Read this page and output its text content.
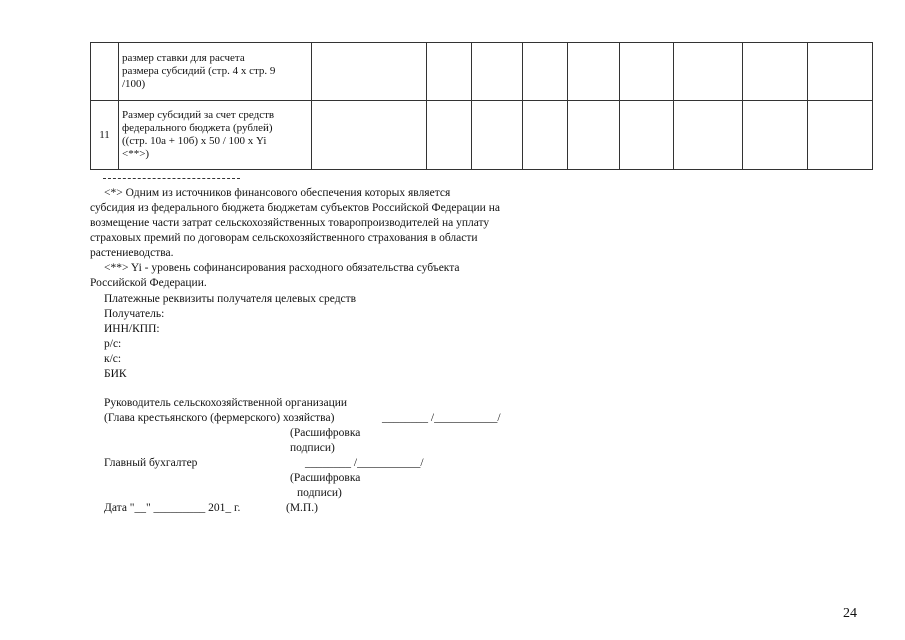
	размер ставки для расчета
размера субсидий (стр. 4 х стр. 9
/100)									

11	Размер субсидий за счет средств
федерального бюджета (рублей)
((стр. 10а + 10б) х 50 / 100 х Yi
<**>)									

<*> Одним из источников финансового обеспечения которых является
субсидия из федерального бюджета бюджетам субъектов Российской Федерации на
возмещение части затрат сельскохозяйственных товаропроизводителей на уплату
страховых премий по договорам сельскохозяйственного страхования в области
растениеводства.
<**> Yi - уровень софинансирования расходного обязательства субъекта
Российской Федерации.
Платежные реквизиты получателя целевых средств
Получатель:
ИНН/КПП:
р/с:
к/с:
БИК
Руководитель сельскохозяйственной организации
(Глава крестьянского (фермерского) хозяйства)	________ /___________/
(Расшифровка
подписи)
Главный бухгалтер	________ /___________/
(Расшифровка
подписи)
Дата "__" _________ 201_ г.	(М.П.)
24
